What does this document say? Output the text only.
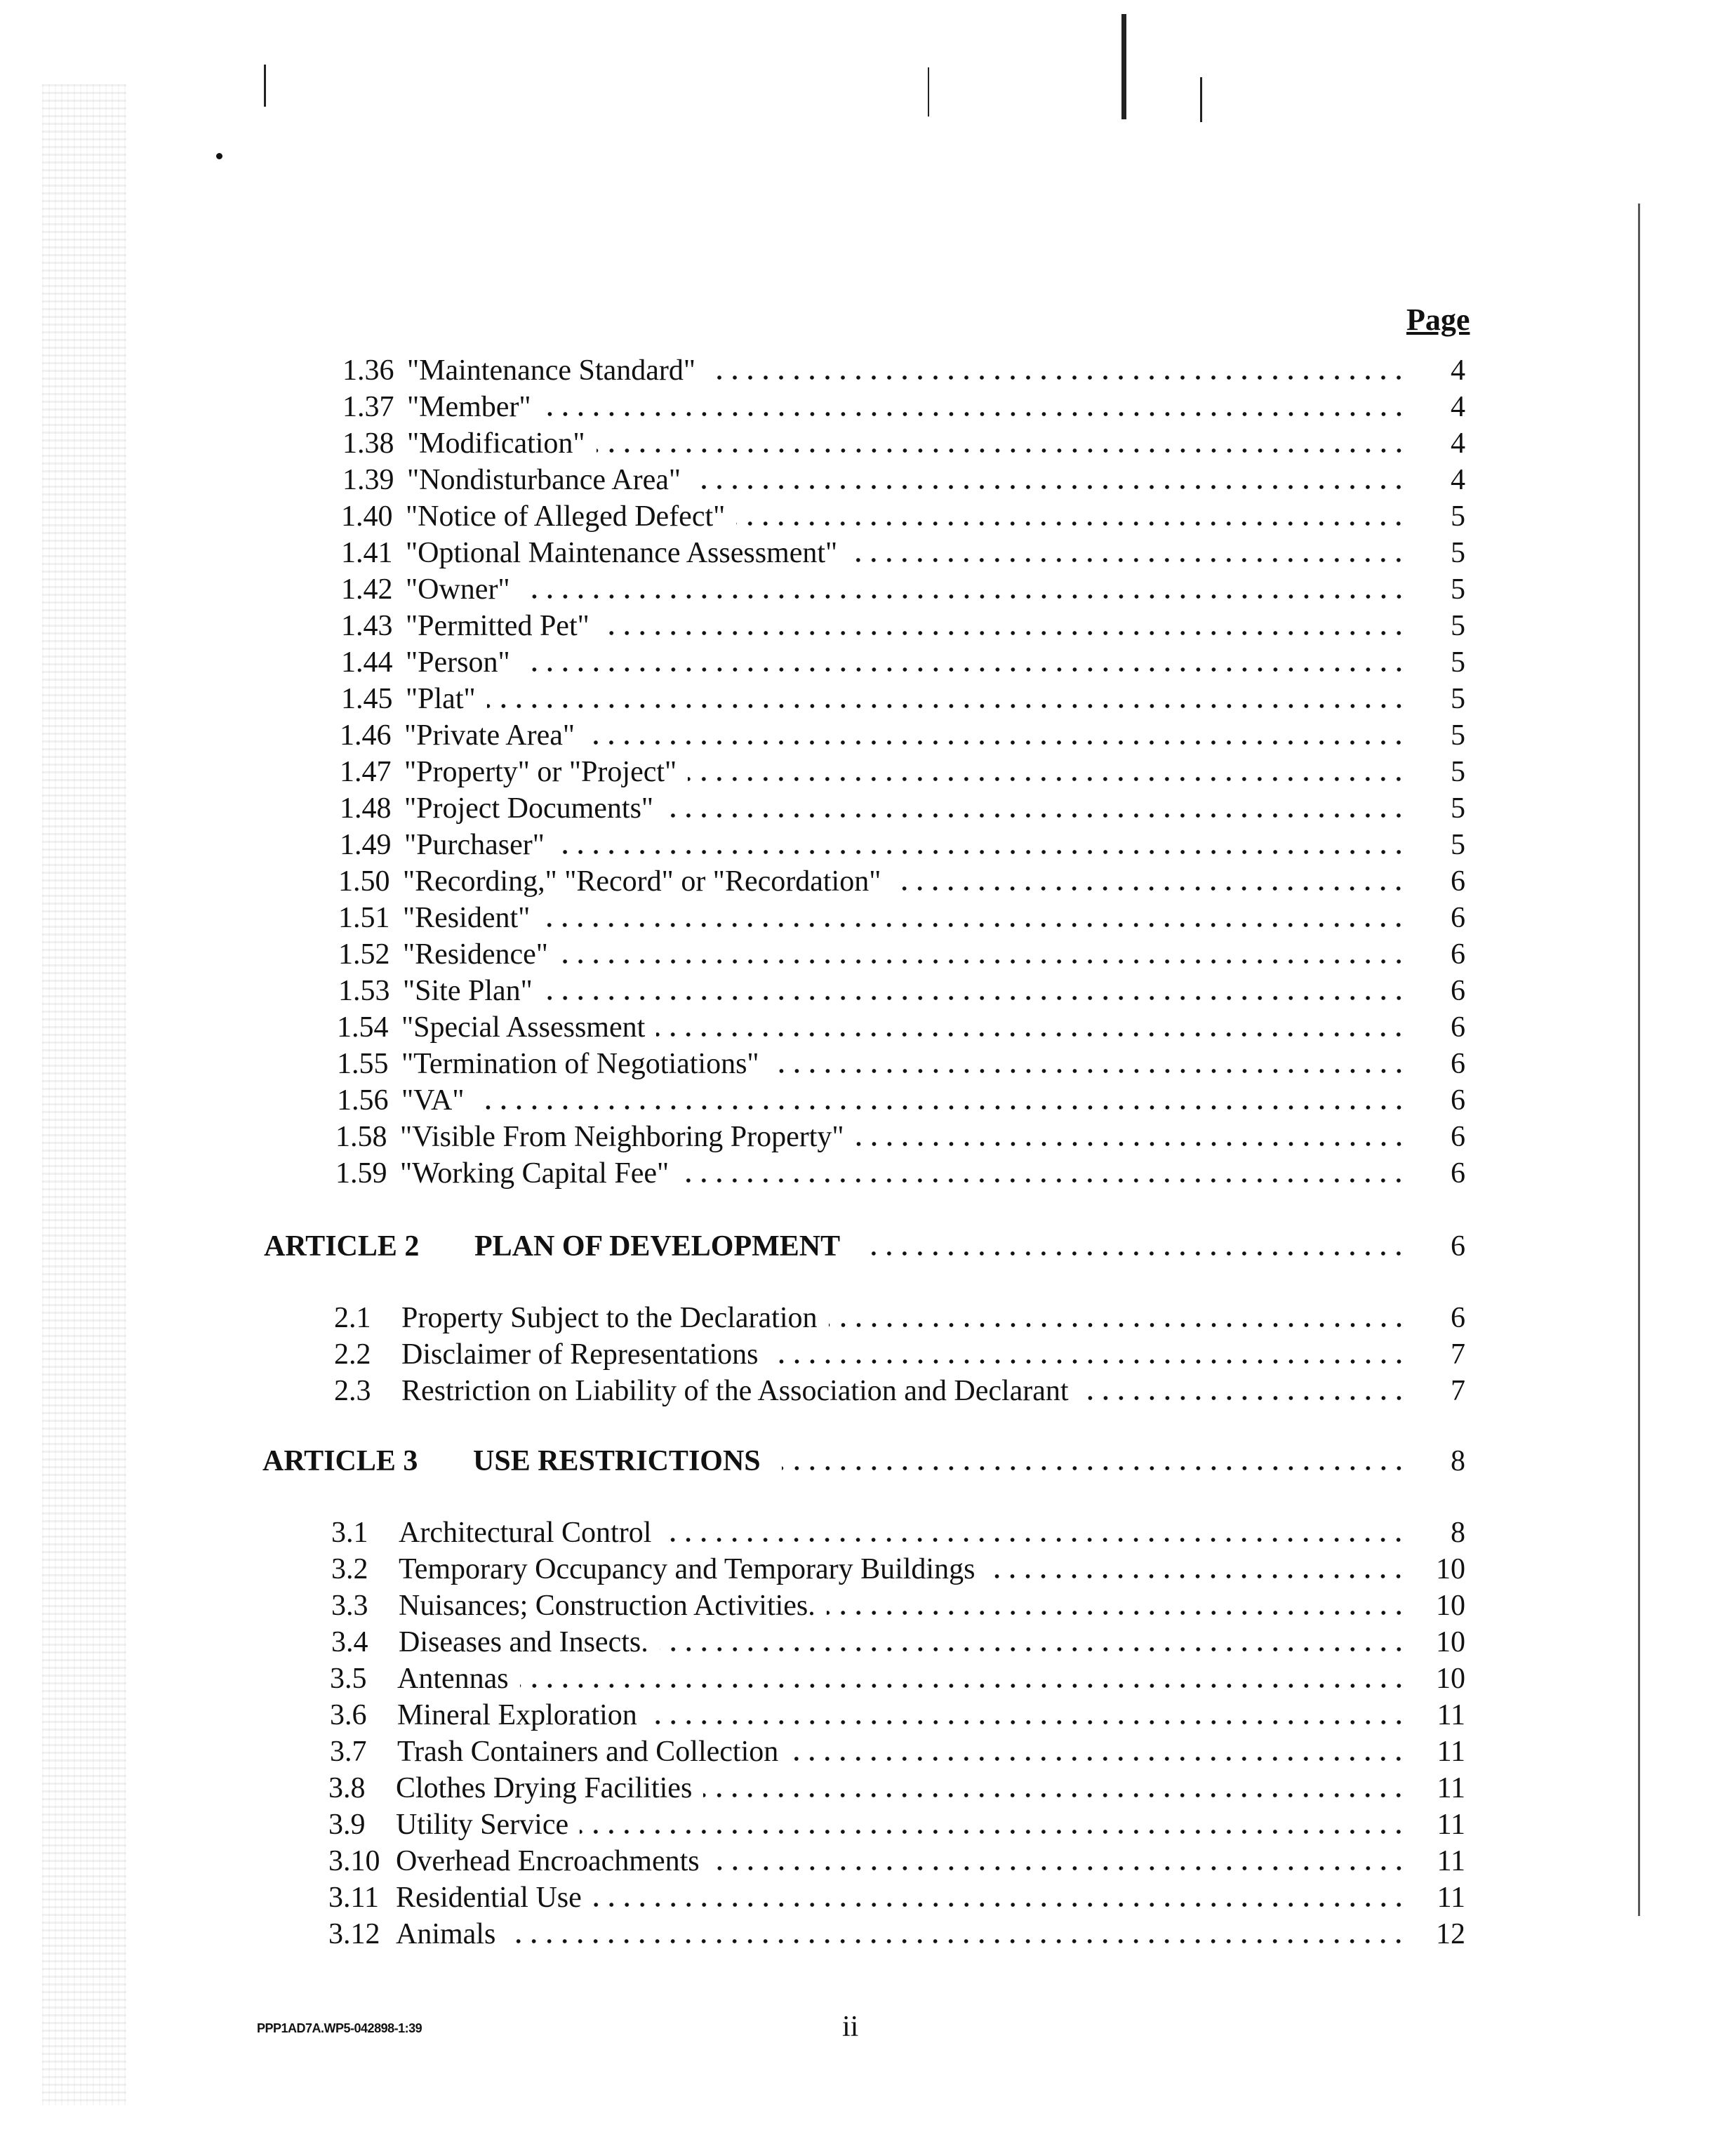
Page
1.36 "Maintenance Standard"	4
1.37 "Member"	4
1.38 "Modification"	4
1.39 "Nondisturbance Area"	4
1.40 "Notice of Alleged Defect"	5
1.41 "Optional Maintenance Assessment"	5
1.42 "Owner"	5
1.43 "Permitted Pet"	5
1.44 "Person"	5
1.45 "Plat"	5
1.46 "Private Area"	5
1.47 "Property" or "Project"	5
1.48 "Project Documents"	5
1.49 "Purchaser"	5
1.50 "Recording," "Record" or "Recordation"	6
1.51 "Resident"	6
1.52 "Residence"	6
1.53 "Site Plan"	6
1.54 "Special Assessment	6
1.55 "Termination of Negotiations"	6
1.56 "VA"	6
1.58 "Visible From Neighboring Property"	6
1.59 "Working Capital Fee"	6
ARTICLE 2	PLAN OF DEVELOPMENT	6
2.1	Property Subject to the Declaration	6
2.2	Disclaimer of Representations	7
2.3	Restriction on Liability of the Association and Declarant	7
ARTICLE 3	USE RESTRICTIONS	8
3.1	Architectural Control	8
3.2	Temporary Occupancy and Temporary Buildings	10
3.3	Nuisances; Construction Activities.	10
3.4	Diseases and Insects.	10
3.5	Antennas	10
3.6	Mineral Exploration	11
3.7	Trash Containers and Collection	11
3.8	Clothes Drying Facilities	11
3.9	Utility Service	11
3.10 Overhead Encroachments	11
3.11 Residential Use	11
3.12 Animals	12
PPP1AD7A.WP5-042898-1:39	ii
